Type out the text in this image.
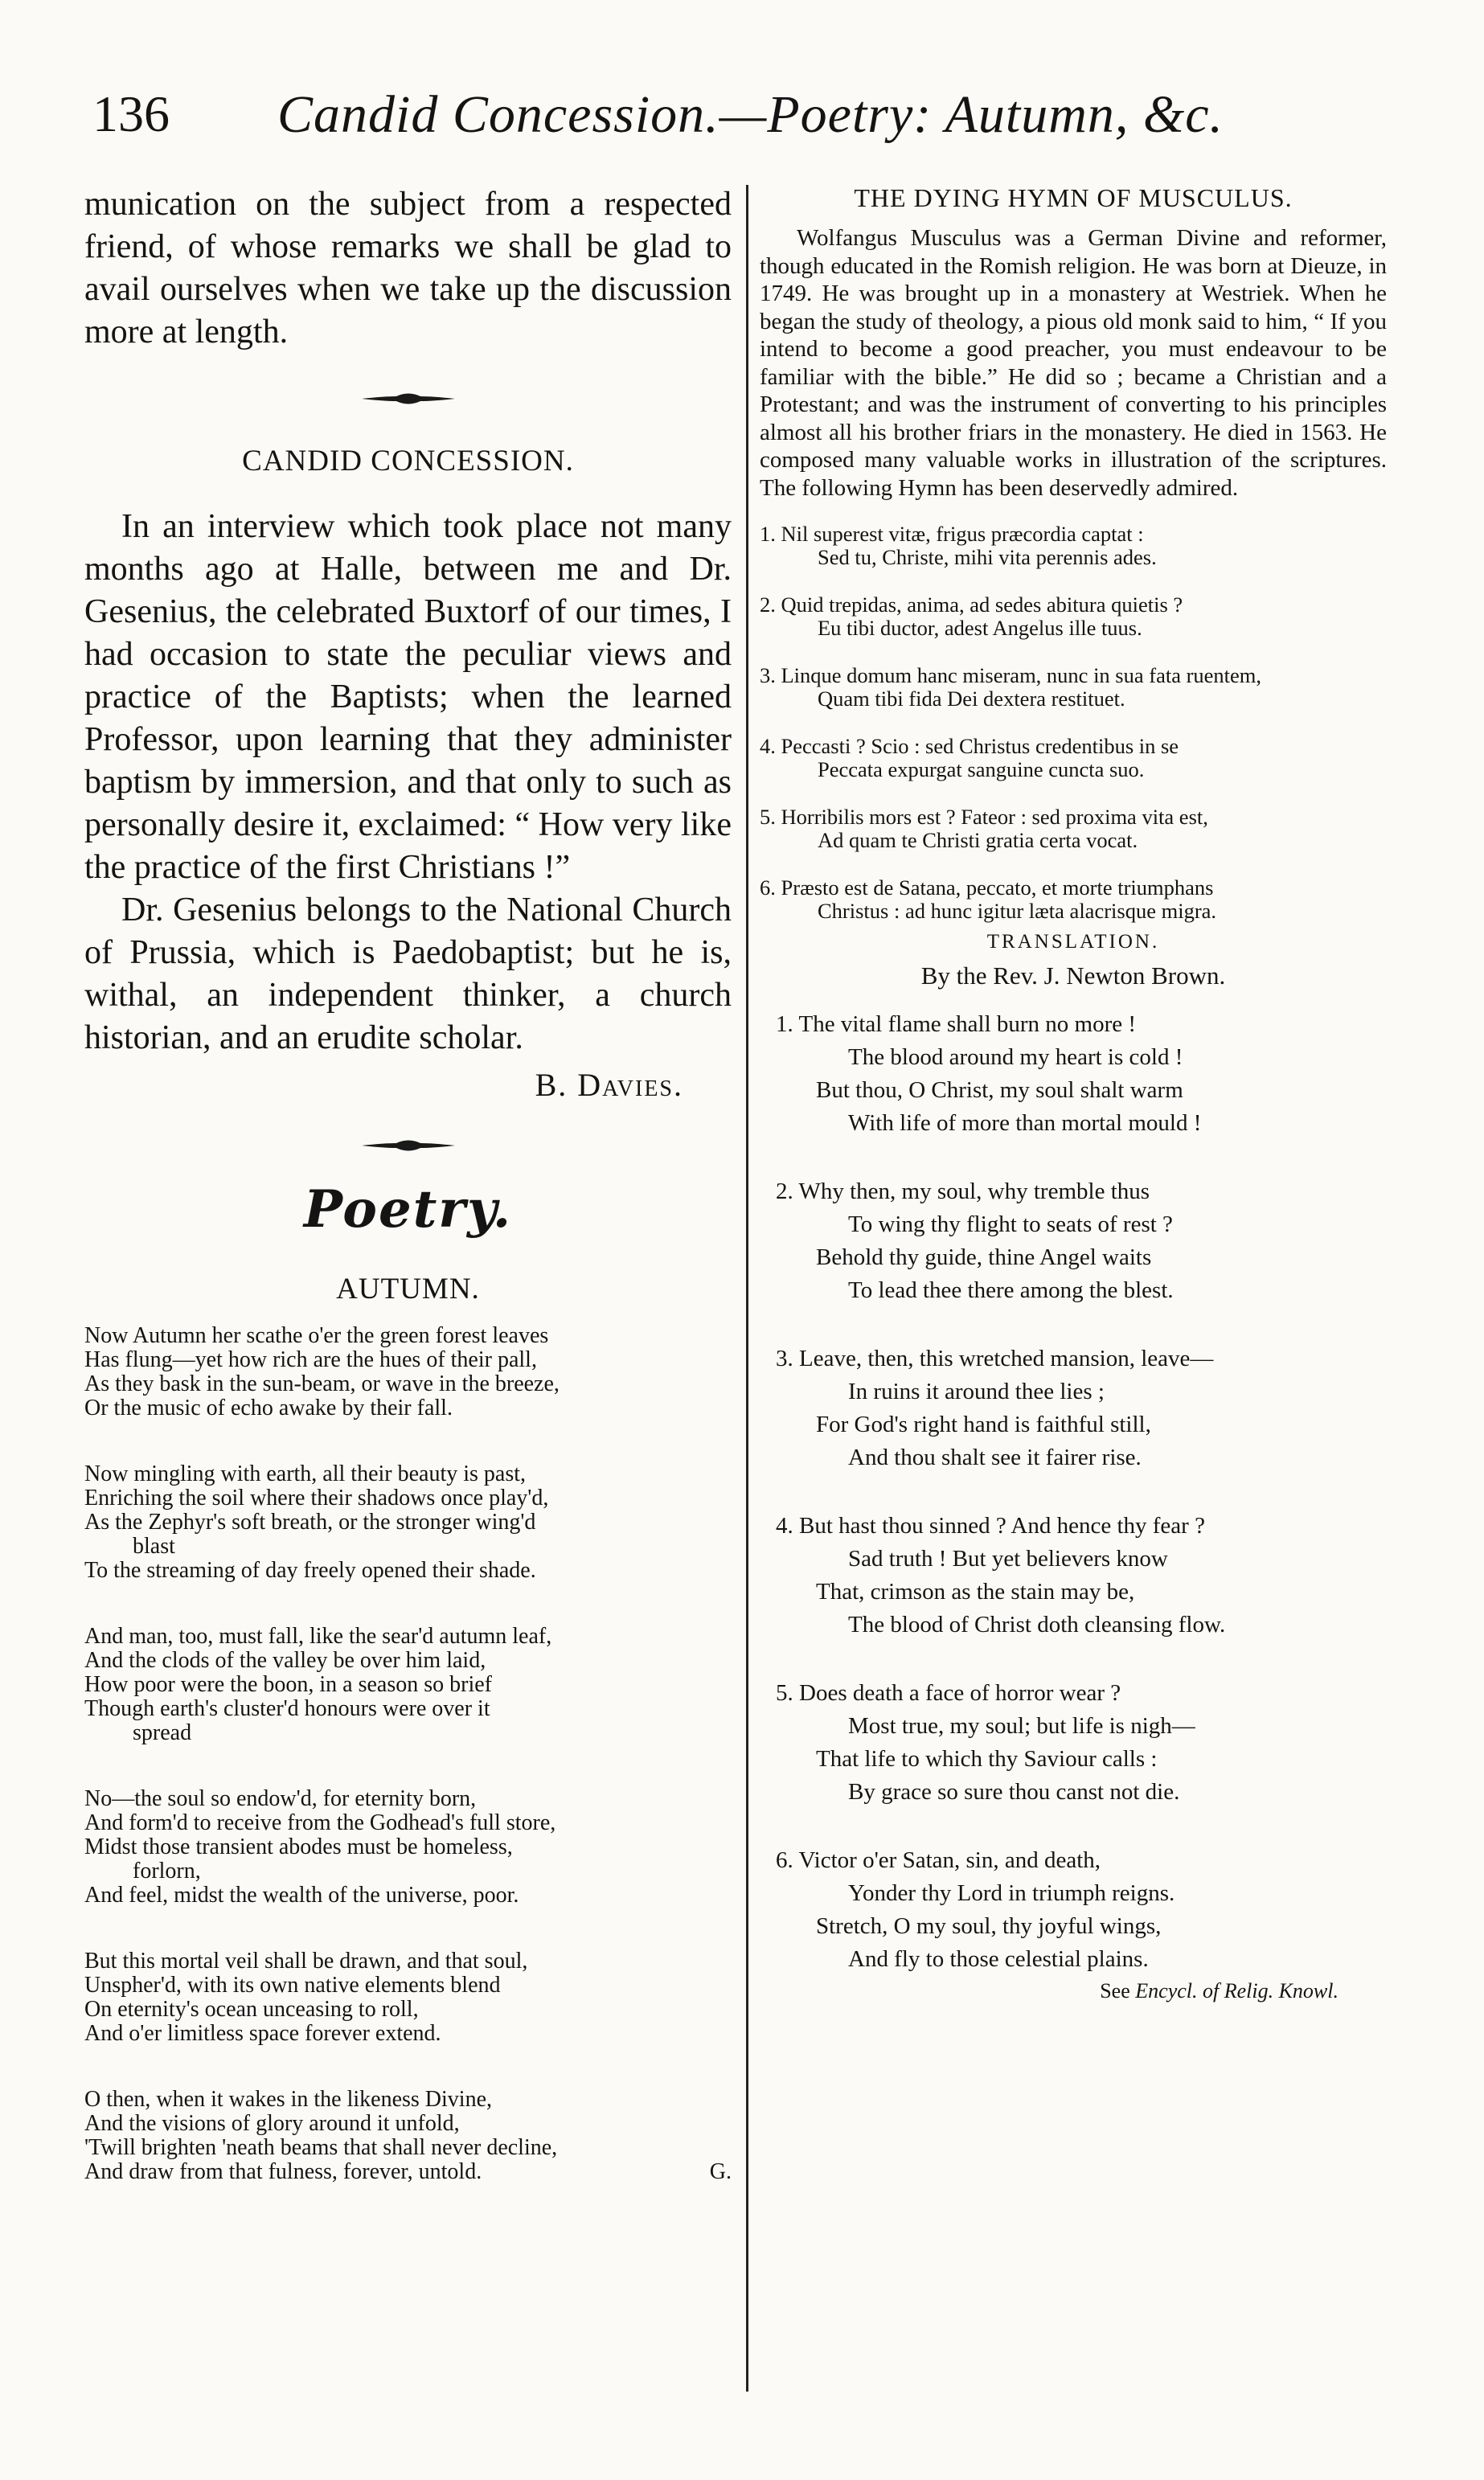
136 Candid Concession.—Poetry: Autumn, &c.

munication on the subject from a respected friend, of whose remarks we shall be glad to avail ourselves when we take up the discussion more at length.

CANDID CONCESSION.

In an interview which took place not many months ago at Halle, between me and Dr. Gesenius, the celebrated Buxtorf of our times, I had occasion to state the peculiar views and practice of the Baptists; when the learned Professor, upon learning that they administer baptism by immersion, and that only to such as personally desire it, exclaimed: “ How very like the practice of the first Christians !”

Dr. Gesenius belongs to the National Church of Prussia, which is Paedobaptist; but he is, withal, an independent thinker, a church historian, and an erudite scholar.

B. Davies.

Poetry.

AUTUMN.

Now Autumn her scathe o'er the green forest leaves
Has flung—yet how rich are the hues of their pall,
As they bask in the sun-beam, or wave in the breeze,
Or the music of echo awake by their fall.
Now mingling with earth, all their beauty is past,
Enriching the soil where their shadows once play'd,
As the Zephyr's soft breath, or the stronger wing'd
blast
To the streaming of day freely opened their shade.
And man, too, must fall, like the sear'd autumn leaf,
And the clods of the valley be over him laid,
How poor were the boon, in a season so brief
Though earth's cluster'd honours were over it
spread
No—the soul so endow'd, for eternity born,
And form'd to receive from the Godhead's full store,
Midst those transient abodes must be homeless,
forlorn,
And feel, midst the wealth of the universe, poor.
But this mortal veil shall be drawn, and that soul,
Unspher'd, with its own native elements blend
On eternity's ocean unceasing to roll,
And o'er limitless space forever extend.
O then, when it wakes in the likeness Divine,
And the visions of glory around it unfold,
'Twill brighten 'neath beams that shall never decline,
And draw from that fulness, forever, untold.	G.

THE DYING HYMN OF MUSCULUS.

Wolfangus Musculus was a German Divine and reformer, though educated in the Romish religion. He was born at Dieuze, in 1749. He was brought up in a monastery at Westriek. When he began the study of theology, a pious old monk said to him, “ If you intend to become a good preacher, you must endeavour to be familiar with the bible.” He did so ; became a Christian and a Protestant; and was the instrument of converting to his principles almost all his brother friars in the monastery. He died in 1563. He composed many valuable works in illustration of the scriptures. The following Hymn has been deservedly admired.

1. Nil superest vitæ, frigus præcordia captat :
Sed tu, Christe, mihi vita perennis ades.
2. Quid trepidas, anima, ad sedes abitura quietis ?
Eu tibi ductor, adest Angelus ille tuus.
3. Linque domum hanc miseram, nunc in sua fata ruentem,
Quam tibi fida Dei dextera restituet.
4. Peccasti ? Scio : sed Christus credentibus in se
Peccata expurgat sanguine cuncta suo.
5. Horribilis mors est ? Fateor : sed proxima vita est,
Ad quam te Christi gratia certa vocat.
6. Præsto est de Satana, peccato, et morte triumphans
Christus : ad hunc igitur læta alacrisque migra.

TRANSLATION.

By the Rev. J. Newton Brown.

1. The vital flame shall burn no more !
The blood around my heart is cold !
But thou, O Christ, my soul shalt warm
With life of more than mortal mould !
2. Why then, my soul, why tremble thus
To wing thy flight to seats of rest ?
Behold thy guide, thine Angel waits
To lead thee there among the blest.
3. Leave, then, this wretched mansion, leave—
In ruins it around thee lies ;
For God's right hand is faithful still,
And thou shalt see it fairer rise.
4. But hast thou sinned ? And hence thy fear ?
Sad truth ! But yet believers know
That, crimson as the stain may be,
The blood of Christ doth cleansing flow.
5. Does death a face of horror wear ?
Most true, my soul; but life is nigh—
That life to which thy Saviour calls :
By grace so sure thou canst not die.
6. Victor o'er Satan, sin, and death,
Yonder thy Lord in triumph reigns.
Stretch, O my soul, thy joyful wings,
And fly to those celestial plains.

See Encycl. of Relig. Knowl.
